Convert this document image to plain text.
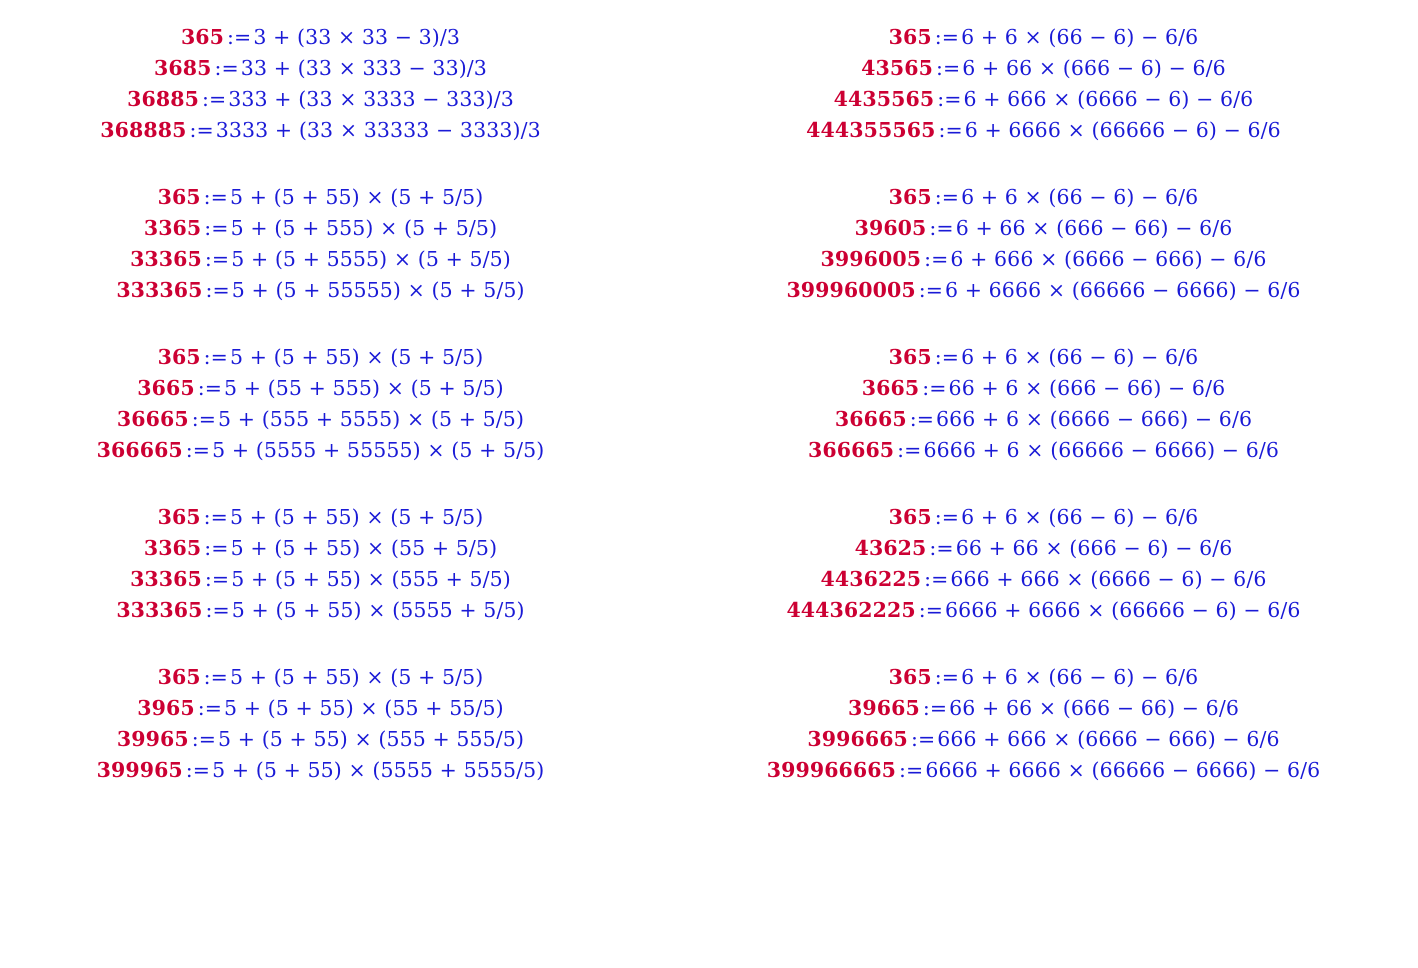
365 :=3 + (33 × 33 − 3)/3
3685 :=33 + (33 × 333 − 33)/3
36885 :=333 + (33 × 3333 − 333)/3
368885 :=3333 + (33 × 33333 − 3333)/3
365 :=5 + (5 + 55) × (5 + 5/5)
3365 :=5 + (5 + 555) × (5 + 5/5)
33365 :=5 + (5 + 5555) × (5 + 5/5)
333365 :=5 + (5 + 55555) × (5 + 5/5)
365 :=5 + (5 + 55) × (5 + 5/5)
3665 :=5 + (55 + 555) × (5 + 5/5)
36665 :=5 + (555 + 5555) × (5 + 5/5)
366665 :=5 + (5555 + 55555) × (5 + 5/5)
365 :=5 + (5 + 55) × (5 + 5/5)
3365 :=5 + (5 + 55) × (55 + 5/5)
33365 :=5 + (5 + 55) × (555 + 5/5)
333365 :=5 + (5 + 55) × (5555 + 5/5)
365 :=5 + (5 + 55) × (5 + 5/5)
3965 :=5 + (5 + 55) × (55 + 55/5)
39965 :=5 + (5 + 55) × (555 + 555/5)
399965 :=5 + (5 + 55) × (5555 + 5555/5)
365 :=6 + 6 × (66 − 6) − 6/6
43565 :=6 + 66 × (666 − 6) − 6/6
4435565 :=6 + 666 × (6666 − 6) − 6/6
444355565 :=6 + 6666 × (66666 − 6) − 6/6
365 :=6 + 6 × (66 − 6) − 6/6
39605 :=6 + 66 × (666 − 66) − 6/6
3996005 :=6 + 666 × (6666 − 666) − 6/6
399960005 :=6 + 6666 × (66666 − 6666) − 6/6
365 :=6 + 6 × (66 − 6) − 6/6
3665 :=66 + 6 × (666 − 66) − 6/6
36665 :=666 + 6 × (6666 − 666) − 6/6
366665 :=6666 + 6 × (66666 − 6666) − 6/6
365 :=6 + 6 × (66 − 6) − 6/6
43625 :=66 + 66 × (666 − 6) − 6/6
4436225 :=666 + 666 × (6666 − 6) − 6/6
444362225 :=6666 + 6666 × (66666 − 6) − 6/6
365 :=6 + 6 × (66 − 6) − 6/6
39665 :=66 + 66 × (666 − 66) − 6/6
3996665 :=666 + 666 × (6666 − 666) − 6/6
399966665 :=6666 + 6666 × (66666 − 6666) − 6/6
